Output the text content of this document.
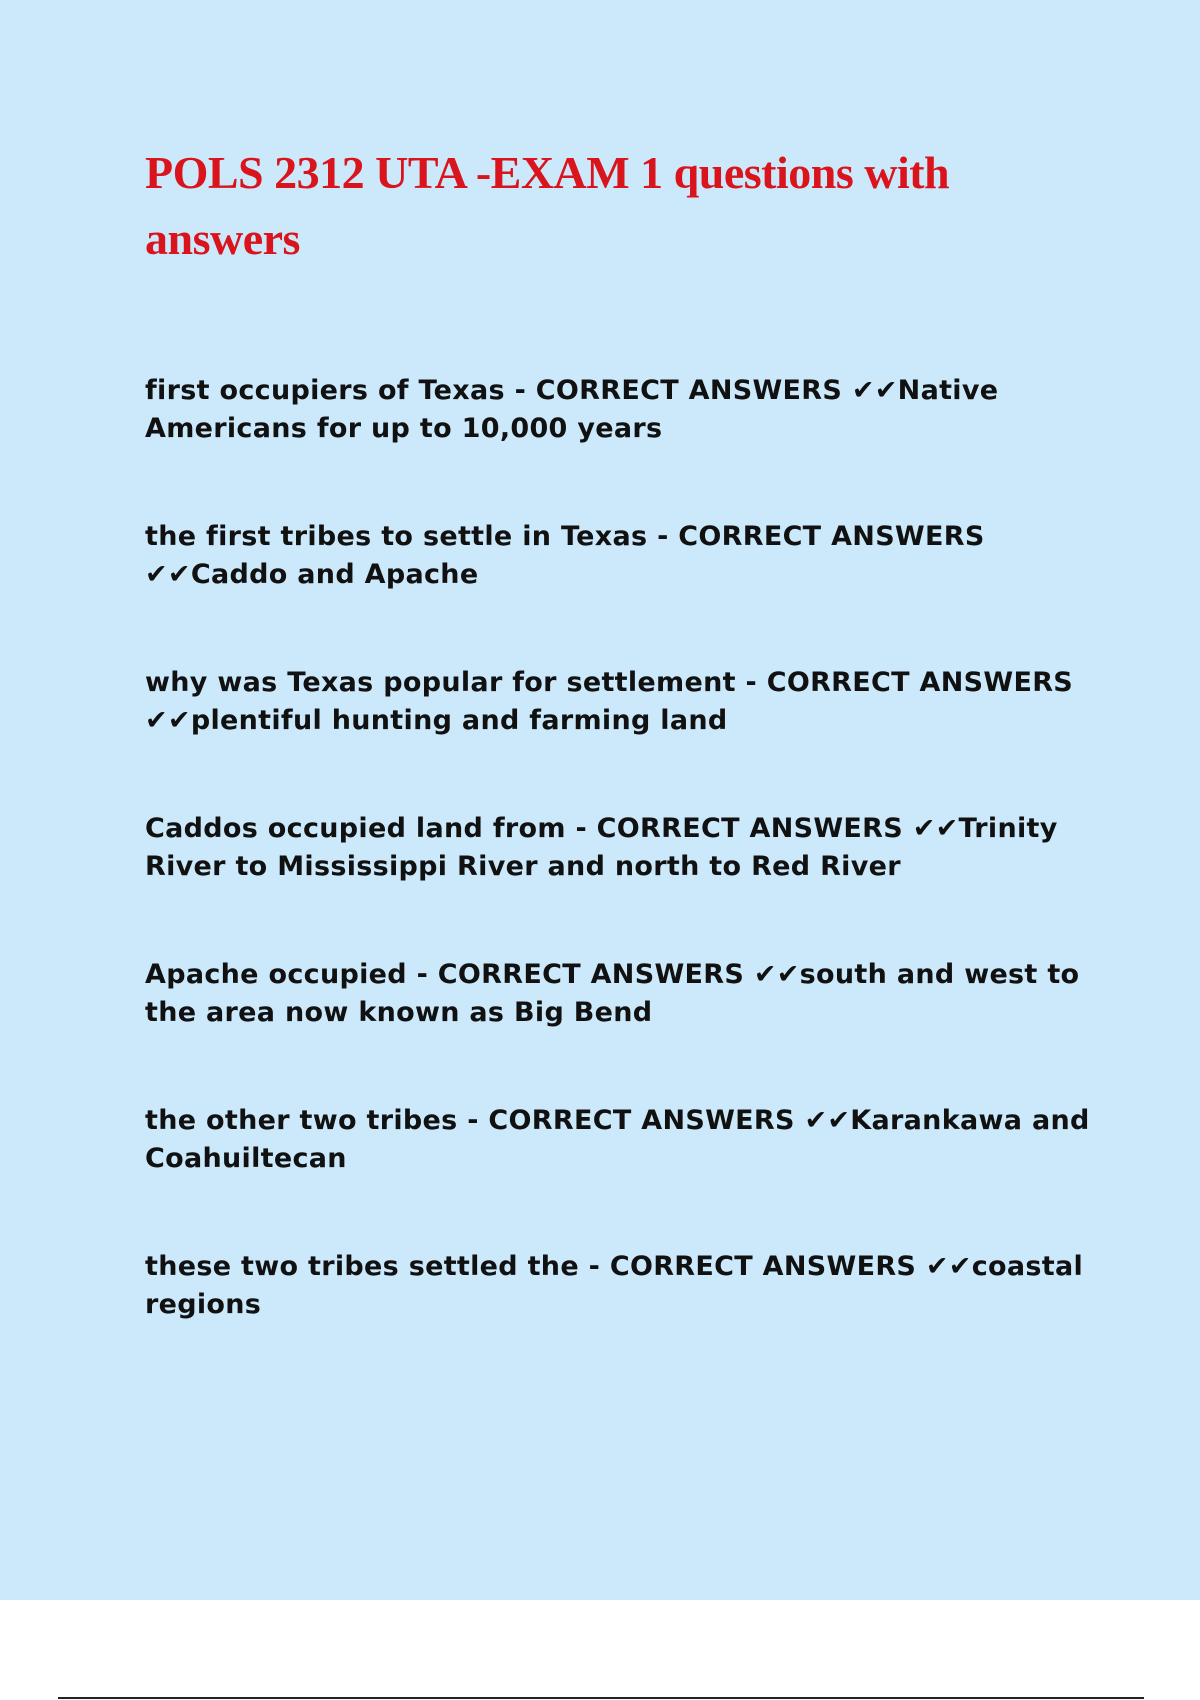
POLS 2312 UTA -EXAM 1 questions with answers

first occupiers of Texas - CORRECT ANSWERS ✔✔Native Americans for up to 10,000 years

the first tribes to settle in Texas - CORRECT ANSWERS ✔✔Caddo and Apache

why was Texas popular for settlement - CORRECT ANSWERS ✔✔plentiful hunting and farming land

Caddos occupied land from - CORRECT ANSWERS ✔✔Trinity River to Mississippi River and north to Red River

Apache occupied - CORRECT ANSWERS ✔✔south and west to the area now known as Big Bend

the other two tribes - CORRECT ANSWERS ✔✔Karankawa and Coahuiltecan

these two tribes settled the - CORRECT ANSWERS ✔✔coastal regions
